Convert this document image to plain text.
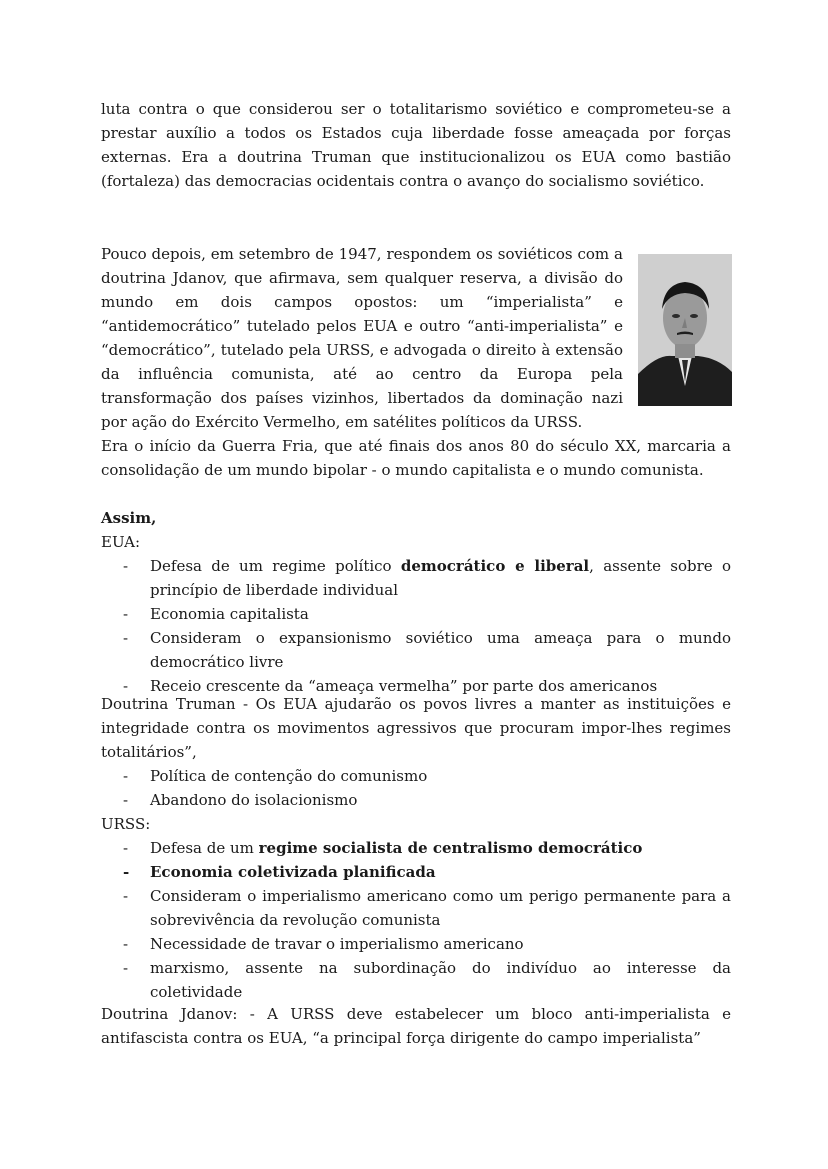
luta contra o que considerou ser o totalitarismo soviético e comprometeu-se a prestar auxílio a todos os Estados cuja liberdade fosse ameaçada por forças externas. Era a doutrina Truman que institucionalizou os EUA como bastião (fortaleza) das democracias ocidentais contra o avanço do socialismo soviético.

Pouco depois, em setembro de 1947, respondem os soviéticos com a doutrina Jdanov, que afirmava, sem qualquer reserva, a divisão do mundo em dois campos opostos: um “imperialista” e “antidemocrático” tutelado pelos EUA e outro “anti-imperialista” e “democrático”, tutelado pela URSS, e advogada o direito à extensão da influência comunista, até ao centro da Europa pela transformação dos países vizinhos, libertados da dominação nazi por ação do Exército Vermelho, em satélites políticos da URSS.

Era o início da Guerra Fria, que até finais dos anos 80 do século XX, marcaria a consolidação de um mundo bipolar - o mundo capitalista e o mundo comunista.

Assim,
EUA:
- Defesa de um regime político democrático e liberal, assente sobre o princípio de liberdade individual
- Economia capitalista
- Consideram o expansionismo soviético uma ameaça para o mundo democrático livre
- Receio crescente da “ameaça vermelha” por parte dos americanos
Doutrina Truman - Os EUA ajudarão os povos livres a manter as instituições e integridade contra os movimentos agressivos que procuram impor-lhes regimes totalitários”,
- Política de contenção do comunismo
- Abandono do isolacionismo
URSS:
- Defesa de um regime socialista de centralismo democrático
- Economia coletivizada planificada
- Consideram o imperialismo americano como um perigo permanente para a sobrevivência da revolução comunista
- Necessidade de travar o imperialismo americano
- marxismo, assente na subordinação do indivíduo ao interesse da coletividade

Doutrina Jdanov: - A URSS deve estabelecer um bloco anti-imperialista e antifascista contra os EUA, “a principal força dirigente do campo imperialista”
